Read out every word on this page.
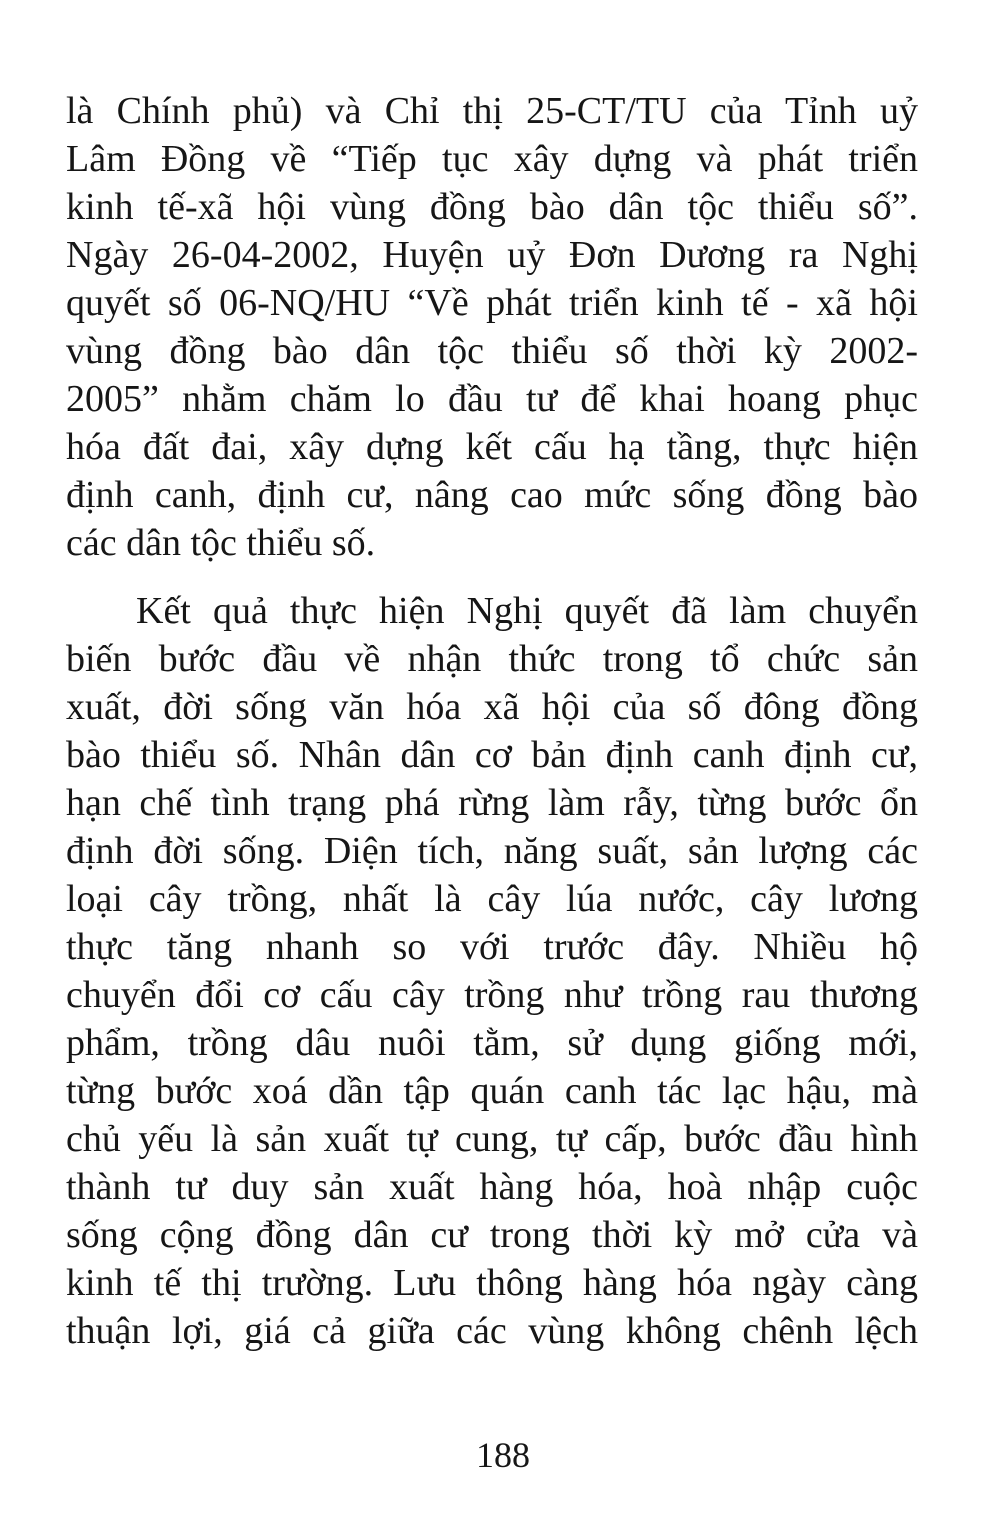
là Chính phủ) và Chỉ thị 25-CT/TU của Tỉnh uỷ
Lâm Đồng về “Tiếp tục xây dựng và phát triển
kinh tế-xã hội vùng đồng bào dân tộc thiểu số”.
Ngày 26-04-2002, Huyện uỷ Đơn Dương ra Nghị
quyết số 06-NQ/HU “Về phát triển kinh tế - xã hội
vùng đồng bào dân tộc thiểu số thời kỳ 2002-
2005” nhằm chăm lo đầu tư để khai hoang phục
hóa đất đai, xây dựng kết cấu hạ tầng, thực hiện
định canh, định cư, nâng cao mức sống đồng bào
các dân tộc thiểu số.
Kết quả thực hiện Nghị quyết đã làm chuyển
biến bước đầu về nhận thức trong tổ chức sản
xuất, đời sống văn hóa xã hội của số đông đồng
bào thiểu số. Nhân dân cơ bản định canh định cư,
hạn chế tình trạng phá rừng làm rẫy, từng bước ổn
định đời sống. Diện tích, năng suất, sản lượng các
loại cây trồng, nhất là cây lúa nước, cây lương
thực tăng nhanh so với trước đây. Nhiều hộ
chuyển đổi cơ cấu cây trồng như trồng rau thương
phẩm, trồng dâu nuôi tằm, sử dụng giống mới,
từng bước xoá dần tập quán canh tác lạc hậu, mà
chủ yếu là sản xuất tự cung, tự cấp, bước đầu hình
thành tư duy sản xuất hàng hóa, hoà nhập cuộc
sống cộng đồng dân cư trong thời kỳ mở cửa và
kinh tế thị trường. Lưu thông hàng hóa ngày càng
thuận lợi, giá cả giữa các vùng không chênh lệch
188
